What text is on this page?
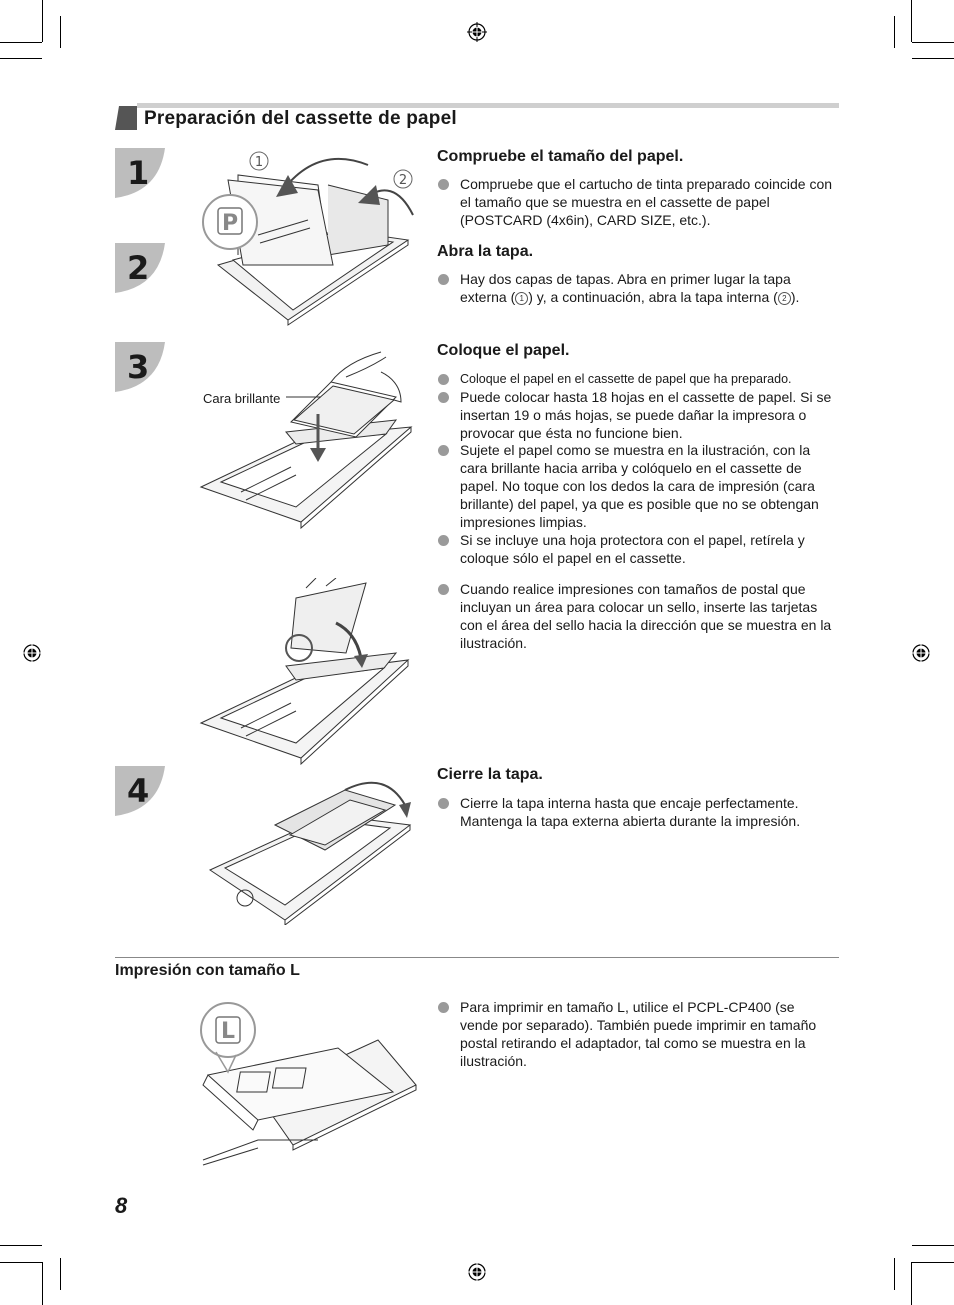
Preparación del cassette de papel
1
2
3
4
P
1
2
Compruebe el tamaño del papel.
Compruebe que el cartucho de tinta preparado coincide con el tamaño que se muestra en el cassette de papel (POSTCARD (4x6in), CARD SIZE, etc.).
Abra la tapa.
Hay dos capas de tapas. Abra en primer lugar la tapa externa ( 1 ) y, a continuación, abra la tapa interna ( 2 ).
Cara brillante
Coloque el papel.
Coloque el papel en el cassette de papel que ha preparado.
Puede colocar hasta 18 hojas en el cassette de papel. Si se insertan 19 o más hojas, se puede dañar la impresora o provocar que ésta no funcione bien.
Sujete el papel como se muestra en la ilustración, con la cara brillante hacia arriba y colóquelo en el cassette de papel. No toque con los dedos la cara de impresión (cara brillante) del papel, ya que es posible que no se obtengan impresiones limpias.
Si se incluye una hoja protectora con el papel, retírela y coloque sólo el papel en el cassette.
Cuando realice impresiones con tamaños de postal que incluyan un área para colocar un sello, inserte las tarjetas con el área del sello hacia la dirección que se muestra en la ilustración.
Cierre la tapa.
Cierre la tapa interna hasta que encaje perfectamente. Mantenga la tapa externa abierta durante la impresión.
Impresión con tamaño L
L
Para imprimir en tamaño L, utilice el PCPL-CP400 (se vende por separado). También puede imprimir en tamaño postal retirando el adaptador, tal como se muestra en la ilustración.
8
